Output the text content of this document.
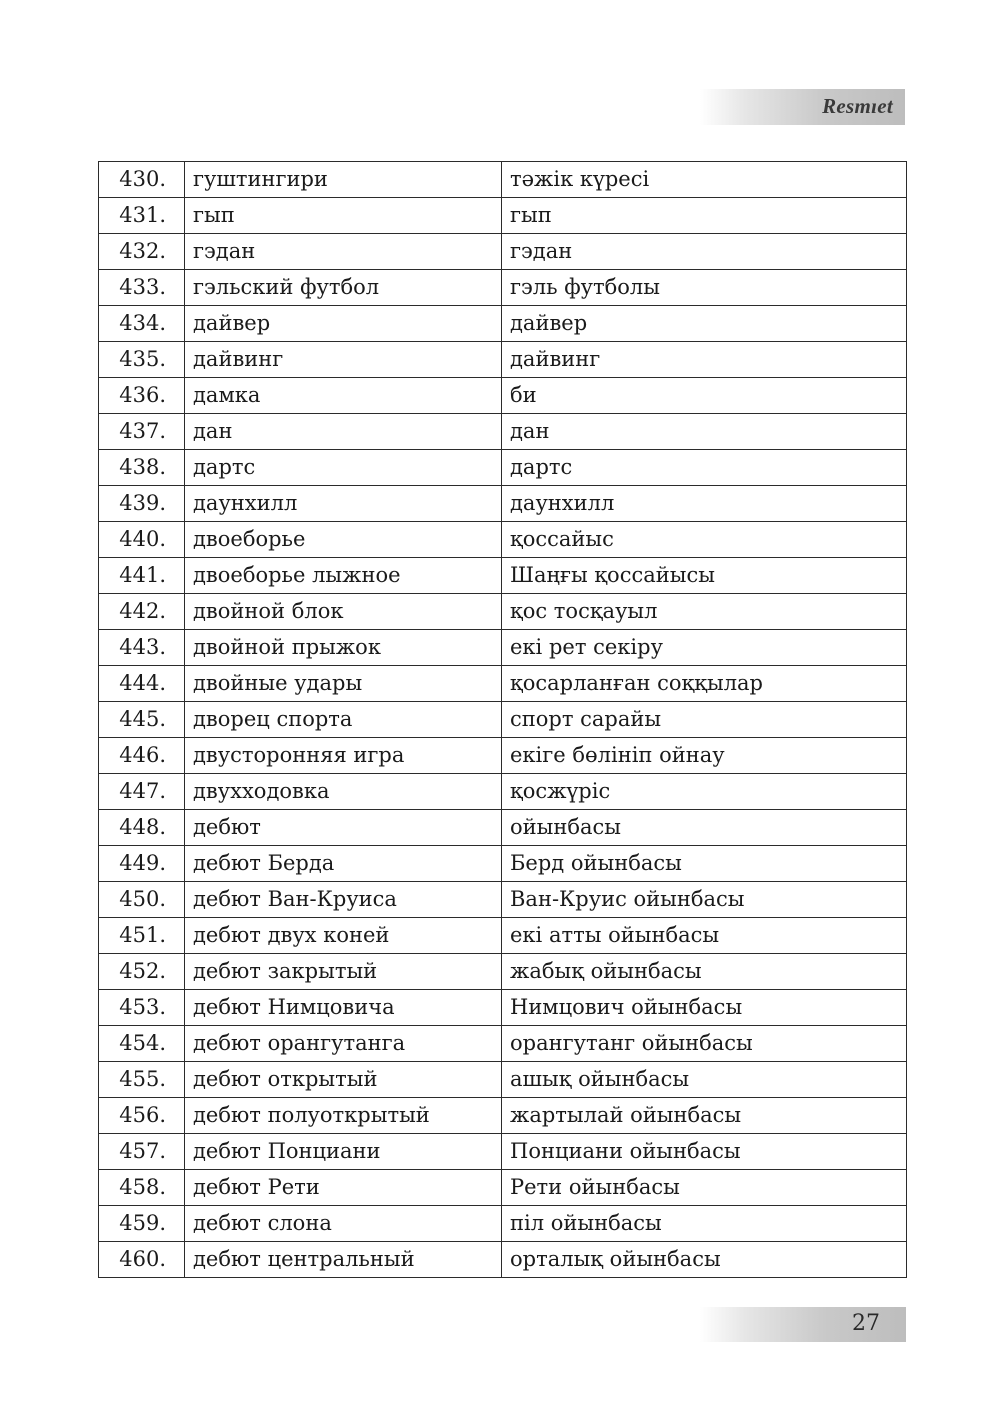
Resmıet
430.	гуштингири	тәжік күресі
431.	гып	гып
432.	гэдан	гэдан
433.	гэльский футбол	гэль футболы
434.	дайвер	дайвер
435.	дайвинг	дайвинг
436.	дамка	би
437.	дан	дан
438.	дартс	дартс
439.	даунхилл	даунхилл
440.	двоеборье	қоссайыс
441.	двоеборье лыжное	Шаңғы қоссайысы
442.	двойной блок	қос тосқауыл
443.	двойной прыжок	екі рет секіру
444.	двойные удары	қосарланған соққылар
445.	дворец спорта	спорт сарайы
446.	двусторонняя игра	екіге бөлініп ойнау
447.	двухходовка	қосжүріс
448.	дебют	ойынбасы
449.	дебют Берда	Берд ойынбасы
450.	дебют Ван-Круиса	Ван-Круис ойынбасы
451.	дебют двух коней	екі атты ойынбасы
452.	дебют закрытый	жабық ойынбасы
453.	дебют Нимцовича	Нимцович ойынбасы
454.	дебют орангутанга	орангутанг ойынбасы
455.	дебют открытый	ашық ойынбасы
456.	дебют полуоткрытый	жартылай ойынбасы
457.	дебют Понциани	Понциани ойынбасы
458.	дебют Рети	Рети ойынбасы
459.	дебют слона	піл ойынбасы
460.	дебют центральный	орталық ойынбасы
27
